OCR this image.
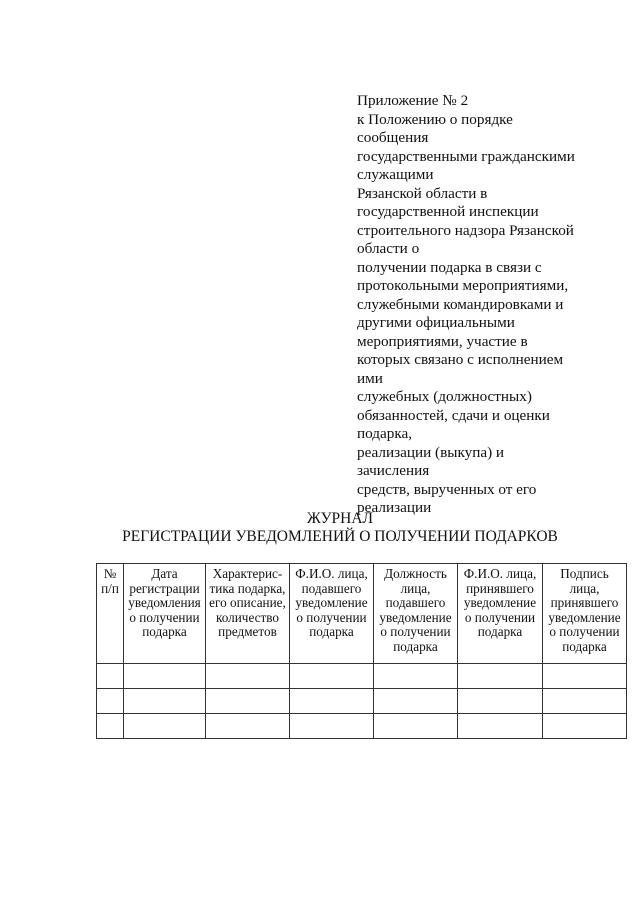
Приложение № 2
к Положению о порядке
сообщения
государственными гражданскими
служащими
Рязанской области в
государственной инспекции
строительного надзора Рязанской
области о
получении подарка в связи с
протокольными мероприятиями,
служебными командировками и
другими официальными
мероприятиями, участие в
которых связано с исполнением
ими
служебных (должностных)
обязанностей, сдачи и оценки
подарка,
реализации (выкупа) и
зачисления
средств, вырученных от его
реализации
ЖУРНАЛ
РЕГИСТРАЦИИ УВЕДОМЛЕНИЙ О ПОЛУЧЕНИИ ПОДАРКОВ
№ п/п	Дата регистрации уведомления о получении подарка	Характерис-тика подарка, его описание, количество предметов	Ф.И.О. лица, подавшего уведомление о получении подарка	Должность лица, подавшего уведомление о получении подарка	Ф.И.О. лица, принявшего уведомление о получении подарка	Подпись лица, принявшего уведомление о получении подарка
